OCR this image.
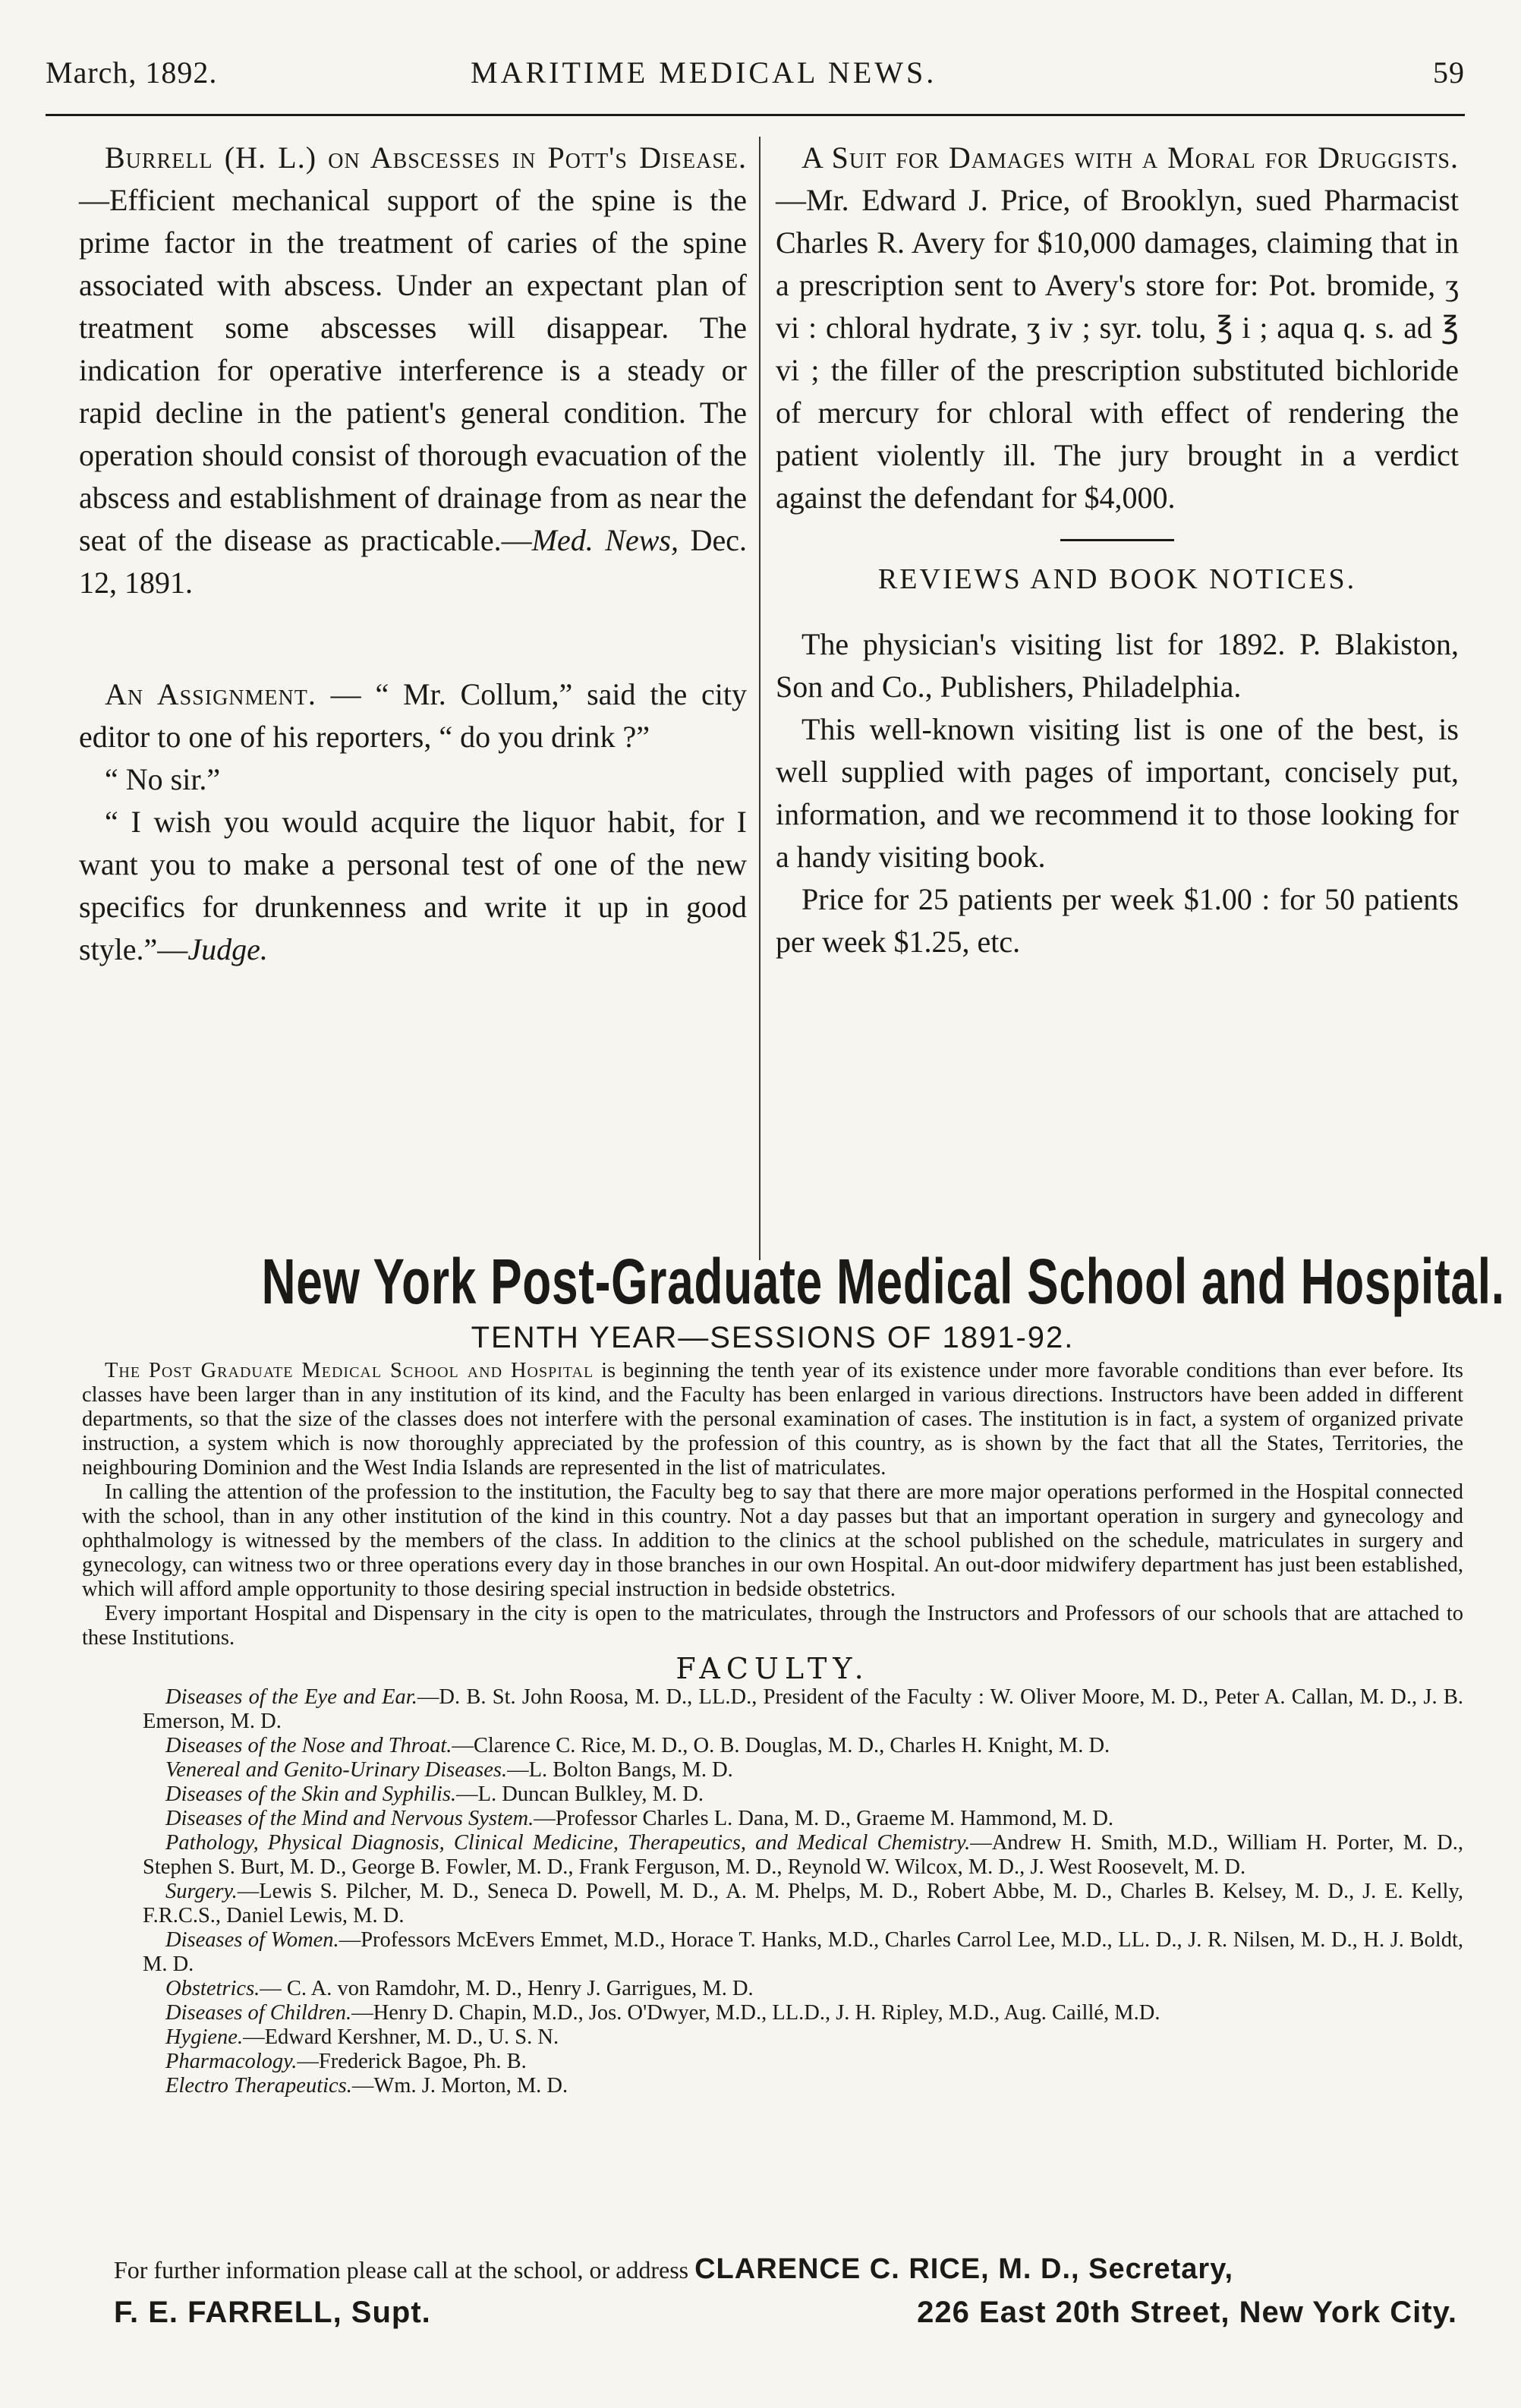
March, 1892.	MARITIME MEDICAL NEWS.	59

Burrell (H. L.) on Abscesses in Pott's Disease.—Efficient mechanical support of the spine is the prime factor in the treatment of caries of the spine associated with abscess. Under an expectant plan of treatment some abscesses will disappear. The indication for operative interference is a steady or rapid decline in the patient's general condition. The operation should consist of thorough evacuation of the abscess and establishment of drainage from as near the seat of the disease as practicable.—Med. News, Dec. 12, 1891.

An Assignment. — “ Mr. Collum,” said the city editor to one of his reporters, “ do you drink ?”

“ No sir.”

“ I wish you would acquire the liquor habit, for I want you to make a personal test of one of the new specifics for drunkenness and write it up in good style.”—Judge.

A Suit for Damages with a Moral for Druggists.—Mr. Edward J. Price, of Brooklyn, sued Pharmacist Charles R. Avery for $10,000 damages, claiming that in a prescription sent to Avery's store for: Pot. bromide, ʒ vi : chloral hydrate, ʒ iv ; syr. tolu, ℥ i ; aqua q. s. ad ℥ vi ; the filler of the prescription substituted bichloride of mercury for chloral with effect of rendering the patient violently ill. The jury brought in a verdict against the defendant for $4,000.

REVIEWS AND BOOK NOTICES.

The physician's visiting list for 1892. P. Blakiston, Son and Co., Publishers, Philadelphia.

This well-known visiting list is one of the best, is well supplied with pages of important, concisely put, information, and we recommend it to those looking for a handy visiting book.

Price for 25 patients per week $1.00 : for 50 patients per week $1.25, etc.

New York Post-Graduate Medical School and Hospital.
TENTH YEAR—SESSIONS OF 1891-92.

The Post Graduate Medical School and Hospital is beginning the tenth year of its existence under more favorable conditions than ever before. Its classes have been larger than in any institution of its kind, and the Faculty has been enlarged in various directions. Instructors have been added in different departments, so that the size of the classes does not interfere with the personal examination of cases. The institution is in fact, a system of organized private instruction, a system which is now thoroughly appreciated by the profession of this country, as is shown by the fact that all the States, Territories, the neighbouring Dominion and the West India Islands are represented in the list of matriculates.

In calling the attention of the profession to the institution, the Faculty beg to say that there are more major operations performed in the Hospital connected with the school, than in any other institution of the kind in this country. Not a day passes but that an important operation in surgery and gynecology and ophthalmology is witnessed by the members of the class. In addition to the clinics at the school published on the schedule, matriculates in surgery and gynecology, can witness two or three operations every day in those branches in our own Hospital. An out-door midwifery department has just been established, which will afford ample opportunity to those desiring special instruction in bedside obstetrics.

Every important Hospital and Dispensary in the city is open to the matriculates, through the Instructors and Professors of our schools that are attached to these Institutions.

FACULTY.

Diseases of the Eye and Ear.—D. B. St. John Roosa, M. D., LL.D., President of the Faculty : W. Oliver Moore, M. D., Peter A. Callan, M. D., J. B. Emerson, M. D.

Diseases of the Nose and Throat.—Clarence C. Rice, M. D., O. B. Douglas, M. D., Charles H. Knight, M. D.

Venereal and Genito-Urinary Diseases.—L. Bolton Bangs, M. D.

Diseases of the Skin and Syphilis.—L. Duncan Bulkley, M. D.

Diseases of the Mind and Nervous System.—Professor Charles L. Dana, M. D., Graeme M. Hammond, M. D.

Pathology, Physical Diagnosis, Clinical Medicine, Therapeutics, and Medical Chemistry.—Andrew H. Smith, M.D., William H. Porter, M. D., Stephen S. Burt, M. D., George B. Fowler, M. D., Frank Ferguson, M. D., Reynold W. Wilcox, M. D., J. West Roosevelt, M. D.

Surgery.—Lewis S. Pilcher, M. D., Seneca D. Powell, M. D., A. M. Phelps, M. D., Robert Abbe, M. D., Charles B. Kelsey, M. D., J. E. Kelly, F.R.C.S., Daniel Lewis, M. D.

Diseases of Women.—Professors McEvers Emmet, M.D., Horace T. Hanks, M.D., Charles Carrol Lee, M.D., LL. D., J. R. Nilsen, M. D., H. J. Boldt, M. D.

Obstetrics.— C. A. von Ramdohr, M. D., Henry J. Garrigues, M. D.

Diseases of Children.—Henry D. Chapin, M.D., Jos. O'Dwyer, M.D., LL.D., J. H. Ripley, M.D., Aug. Caillé, M.D.

Hygiene.—Edward Kershner, M. D., U. S. N.

Pharmacology.—Frederick Bagoe, Ph. B.

Electro Therapeutics.—Wm. J. Morton, M. D.

For further information please call at the school, or address CLARENCE C. RICE, M. D., Secretary,
F. E. FARRELL, Supt.	226 East 20th Street, New York City.
